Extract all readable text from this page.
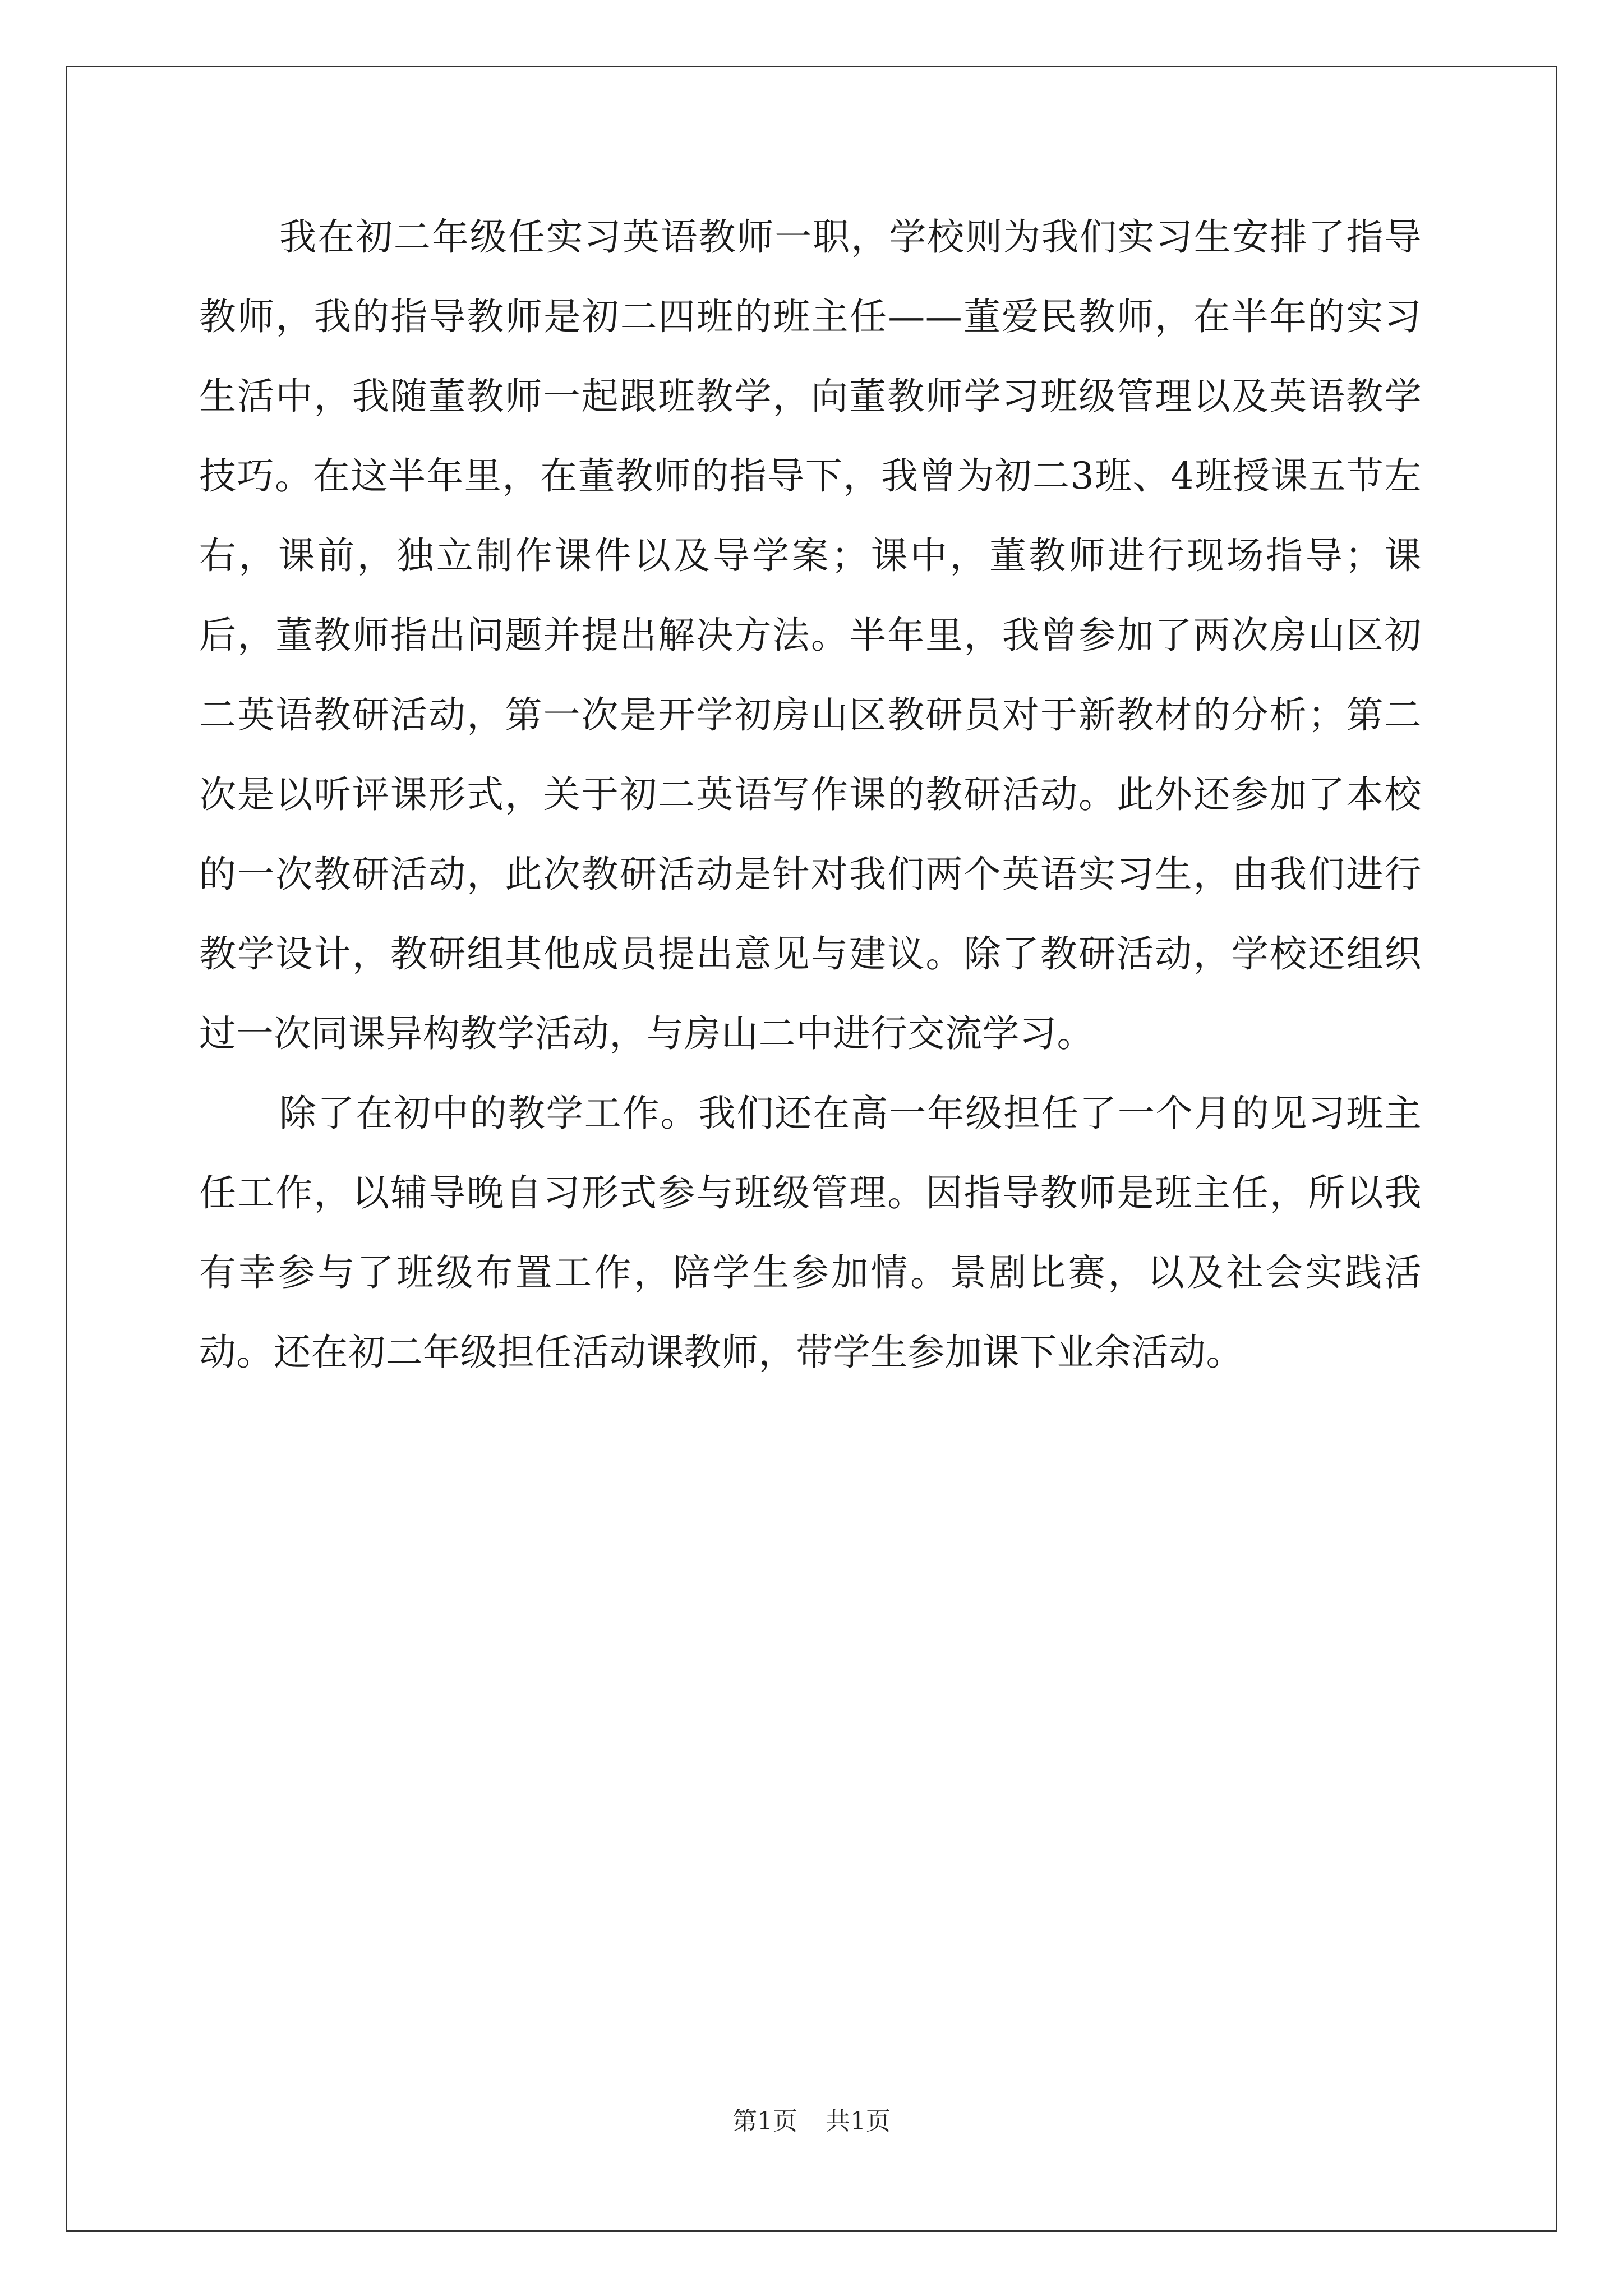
我在初二年级任实习英语教师一职，学校则为我们实习生安排了指导教师，我的指导教师是初二四班的班主任——董爱民教师，在半年的实习生活中，我随董教师一起跟班教学，向董教师学习班级管理以及英语教学技巧。在这半年里，在董教师的指导下，我曾为初二3班、4班授课五节左右，课前，独立制作课件以及导学案；课中，董教师进行现场指导；课后，董教师指出问题并提出解决方法。半年里，我曾参加了两次房山区初二英语教研活动，第一次是开学初房山区教研员对于新教材的分析；第二次是以听评课形式，关于初二英语写作课的教研活动。此外还参加了本校的一次教研活动，此次教研活动是针对我们两个英语实习生，由我们进行教学设计，教研组其他成员提出意见与建议。除了教研活动，学校还组织过一次同课异构教学活动，与房山二中进行交流学习。

除了在初中的教学工作。我们还在高一年级担任了一个月的见习班主任工作，以辅导晚自习形式参与班级管理。因指导教师是班主任，所以我有幸参与了班级布置工作，陪学生参加情。景剧比赛，以及社会实践活动。还在初二年级担任活动课教师，带学生参加课下业余活动。

第1页 共1页
